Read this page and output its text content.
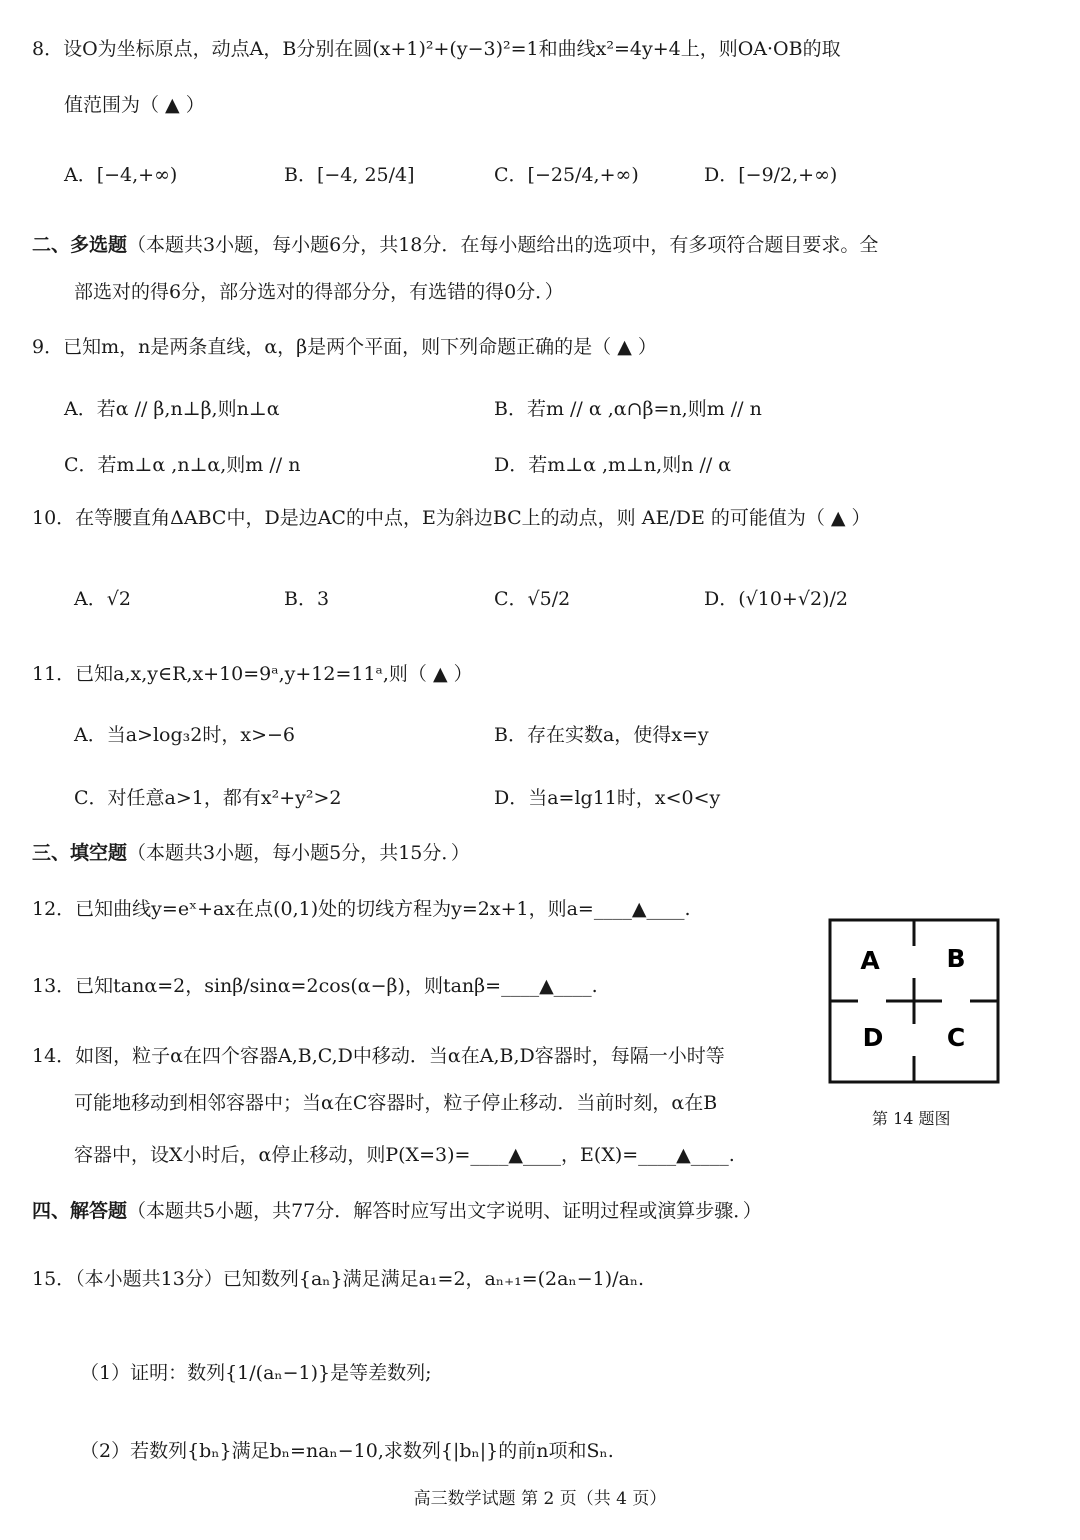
8．设O为坐标原点，动点A，B分别在圆(x+1)²+(y−3)²=1和曲线x²=4y+4上，则OA·OB的取
值范围为（ ▲ ）
A．[−4,+∞)	B．[−4, 25/4]	C．[−25/4,+∞)	D．[−9/2,+∞)
二、多选题（本题共3小题，每小题6分，共18分．在每小题给出的选项中，有多项符合题目要求。全
部选对的得6分，部分选对的得部分分，有选错的得0分．）
9．已知m，n是两条直线，α，β是两个平面，则下列命题正确的是（ ▲ ）
A．若α // β,n⊥β,则n⊥α	B．若m // α ,α∩β=n,则m // n
C．若m⊥α ,n⊥α,则m // n	D．若m⊥α ,m⊥n,则n // α
10．在等腰直角ΔABC中，D是边AC的中点，E为斜边BC上的动点，则 AE/DE 的可能值为（ ▲ ）
A．√2	B．3	C．√5/2	D．(√10+√2)/2
11．已知a,x,y∈R,x+10=9ᵃ,y+12=11ᵃ,则（ ▲ ）
A．当a>log₃2时，x>−6	B．存在实数a，使得x=y
C．对任意a>1，都有x²+y²>2	D．当a=lg11时，x<0<y
三、填空题（本题共3小题，每小题5分，共15分．）
12．已知曲线y=eˣ+ax在点(0,1)处的切线方程为y=2x+1，则a=____▲____.
13．已知tanα=2，sinβ/sinα=2cos(α−β)，则tanβ=____▲____.
14．如图，粒子α在四个容器A,B,C,D中移动．当α在A,B,D容器时，每隔一小时等
可能地移动到相邻容器中；当α在C容器时，粒子停止移动．当前时刻，α在B
容器中，设X小时后，α停止移动，则P(X=3)=____▲____，E(X)=____▲____.
A	B
D	C
第 14 题图
四、解答题（本题共5小题，共77分．解答时应写出文字说明、证明过程或演算步骤．）
15．（本小题共13分）已知数列{aₙ}满足满足a₁=2，aₙ₊₁=(2aₙ−1)/aₙ.
（1）证明：数列{1/(aₙ−1)}是等差数列;
（2）若数列{bₙ}满足bₙ=naₙ−10,求数列{|bₙ|}的前n项和Sₙ.
高三数学试题 第 2 页（共 4 页）
